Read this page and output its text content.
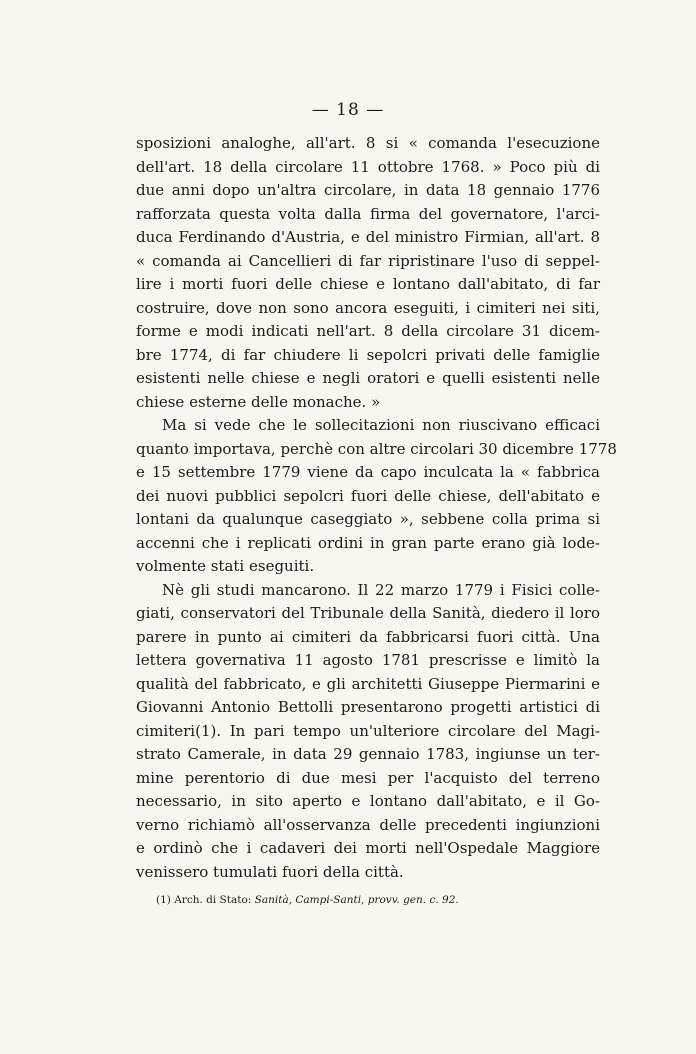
— 18 —
sposizioni analoghe, all'art. 8 si « comanda l'esecuzione
dell'art. 18 della circolare 11 ottobre 1768. » Poco più di
due anni dopo un'altra circolare, in data 18 gennaio 1776
rafforzata questa volta dalla firma del governatore, l'arci-
duca Ferdinando d'Austria, e del ministro Firmian, all'art. 8
« comanda ai Cancellieri di far ripristinare l'uso di seppel-
lire i morti fuori delle chiese e lontano dall'abitato, di far
costruire, dove non sono ancora eseguiti, i cimiteri nei siti,
forme e modi indicati nell'art. 8 della circolare 31 dicem-
bre 1774, di far chiudere li sepolcri privati delle famiglie
esistenti nelle chiese e negli oratori e quelli esistenti nelle
chiese esterne delle monache. »
Ma si vede che le sollecitazioni non riuscivano efficaci
quanto importava, perchè con altre circolari 30 dicembre 1778
e 15 settembre 1779 viene da capo inculcata la « fabbrica
dei nuovi pubblici sepolcri fuori delle chiese, dell'abitato e
lontani da qualunque caseggiato », sebbene colla prima si
accenni che i replicati ordini in gran parte erano già lode-
volmente stati eseguiti.
Nè gli studi mancarono. Il 22 marzo 1779 i Fisici colle-
giati, conservatori del Tribunale della Sanità, diedero il loro
parere in punto ai cimiteri da fabbricarsi fuori città. Una
lettera governativa 11 agosto 1781 prescrisse e limitò la
qualità del fabbricato, e gli architetti Giuseppe Piermarini e
Giovanni Antonio Bettolli presentarono progetti artistici di
cimiteri(1). In pari tempo un'ulteriore circolare del Magi-
strato Camerale, in data 29 gennaio 1783, ingiunse un ter-
mine perentorio di due mesi per l'acquisto del terreno
necessario, in sito aperto e lontano dall'abitato, e il Go-
verno richiamò all'osservanza delle precedenti ingiunzioni
e ordinò che i cadaveri dei morti nell'Ospedale Maggiore
venissero tumulati fuori della città.
(1) Arch. di Stato: Sanità, Campi-Santi, provv. gen. c. 92.
